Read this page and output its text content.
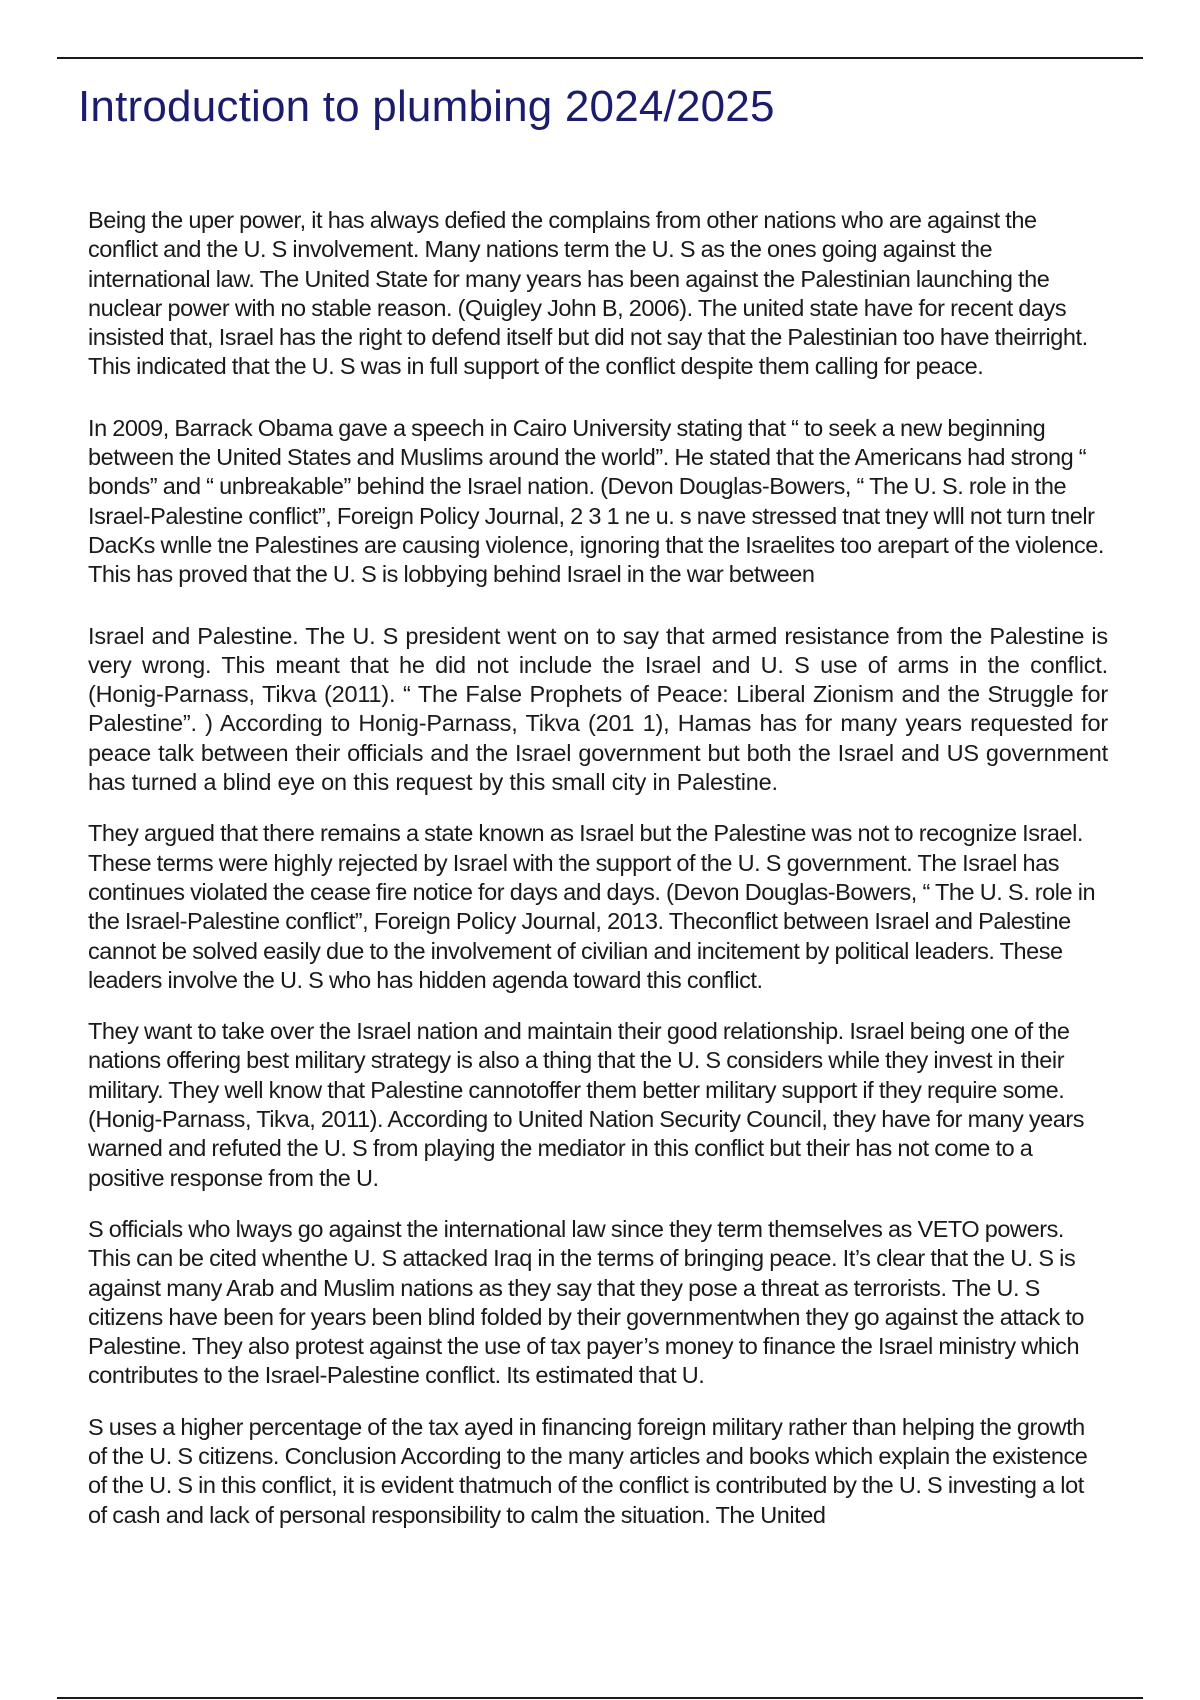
Introduction to plumbing 2024/2025

Being the uper power, it has always defied the complains from other nations who are against the conflict and the U. S involvement. Many nations term the U. S as the ones going against the international law. The United State for many years has been against the Palestinian launching the nuclear power with no stable reason. (Quigley John B, 2006). The united state have for recent days insisted that, Israel has the right to defend itself but did not say that the Palestinian too have theirright. This indicated that the U. S was in full support of the conflict despite them calling for peace.

In 2009, Barrack Obama gave a speech in Cairo University stating that “ to seek a new beginning between the United States and Muslims around the world”. He stated that the Americans had strong “ bonds” and “ unbreakable” behind the Israel nation. (Devon Douglas-Bowers, “ The U. S. role in the Israel-Palestine conflict”, Foreign Policy Journal, 2 3 1 ne u. s nave stressed tnat tney wlll not turn tnelr DacKs wnlle tne Palestines are causing violence, ignoring that the Israelites too arepart of the violence. This has proved that the U. S is lobbying behind Israel in the war between

Israel and Palestine. The U. S president went on to say that armed resistance from the Palestine is very wrong. This meant that he did not include the Israel and U. S use of arms in the conflict. (Honig-Parnass, Tikva (2011). “ The False Prophets of Peace: Liberal Zionism and the Struggle for Palestine”. ) According to Honig-Parnass, Tikva (201 1), Hamas has for many years requested for peace talk between their officials and the Israel government but both the Israel and US government has turned a blind eye on this request by this small city in Palestine.

They argued that there remains a state known as Israel but the Palestine was not to recognize Israel. These terms were highly rejected by Israel with the support of the U. S government. The Israel has continues violated the cease fire notice for days and days. (Devon Douglas-Bowers, “ The U. S. role in the Israel-Palestine conflict”, Foreign Policy Journal, 2013. Theconflict between Israel and Palestine cannot be solved easily due to the involvement of civilian and incitement by political leaders. These leaders involve the U. S who has hidden agenda toward this conflict.

They want to take over the Israel nation and maintain their good relationship. Israel being one of the nations offering best military strategy is also a thing that the U. S considers while they invest in their military. They well know that Palestine cannotoffer them better military support if they require some. (Honig-Parnass, Tikva, 2011). According to United Nation Security Council, they have for many years warned and refuted the U. S from playing the mediator in this conflict but their has not come to a positive response from the U.

S officials who lways go against the international law since they term themselves as VETO powers. This can be cited whenthe U. S attacked Iraq in the terms of bringing peace. It’s clear that the U. S is against many Arab and Muslim nations as they say that they pose a threat as terrorists. The U. S citizens have been for years been blind folded by their governmentwhen they go against the attack to Palestine. They also protest against the use of tax payer’s money to finance the Israel ministry which contributes to the Israel-Palestine conflict. Its estimated that U.

S uses a higher percentage of the tax ayed in financing foreign military rather than helping the growth of the U. S citizens. Conclusion According to the many articles and books which explain the existence of the U. S in this conflict, it is evident thatmuch of the conflict is contributed by the U. S investing a lot of cash and lack of personal responsibility to calm the situation. The United
